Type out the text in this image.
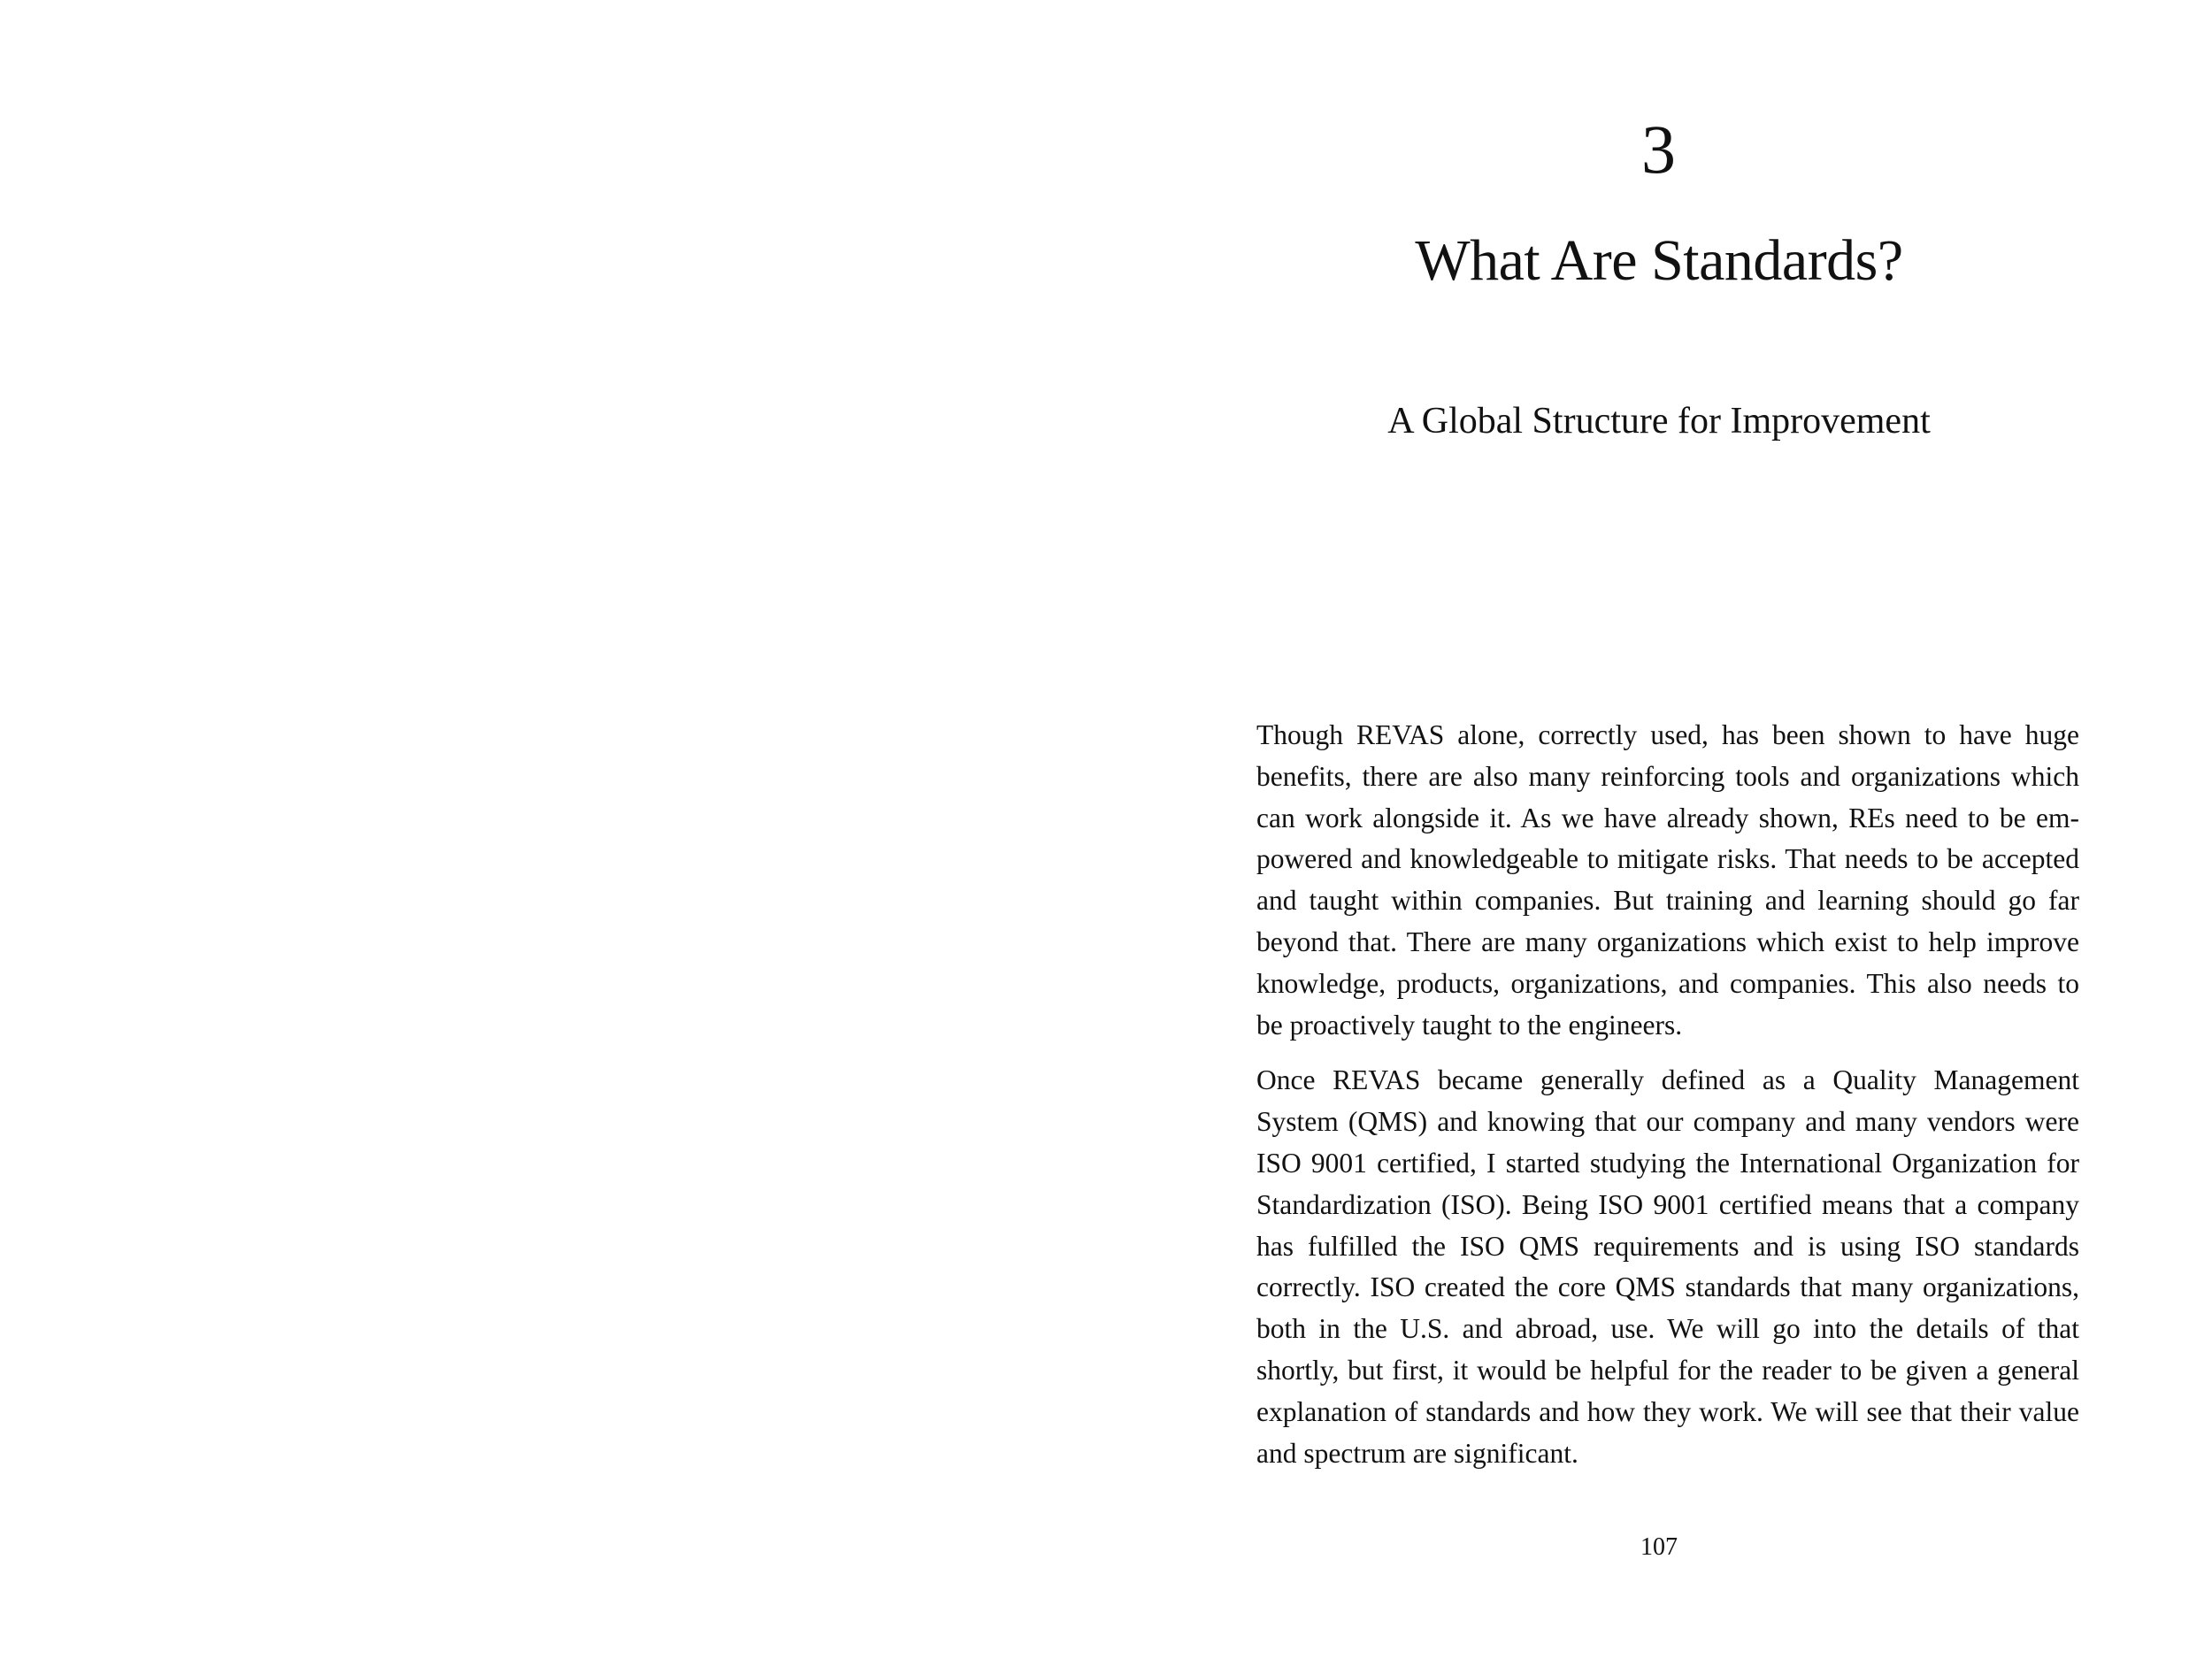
3
What Are Standards?
A Global Structure for Improvement

Though REVAS alone, correctly used, has been shown to have huge benefits, there are also many reinforcing tools and organizations which can work alongside it. As we have already shown, REs need to be empowered and knowledgeable to mitigate risks. That needs to be accepted and taught within companies. But training and learning should go far beyond that. There are many organizations which exist to help improve knowledge, products, organizations, and companies. This also needs to be proactively taught to the engineers.

Once REVAS became generally defined as a Quality Management System (QMS) and knowing that our company and many vendors were ISO 9001 certified, I started studying the International Organization for Standardization (ISO). Being ISO 9001 certified means that a company has fulfilled the ISO QMS requirements and is using ISO standards correctly. ISO created the core QMS standards that many organizations, both in the U.S. and abroad, use. We will go into the details of that shortly, but first, it would be helpful for the reader to be given a general explanation of standards and how they work. We will see that their value and spectrum are significant.

107
